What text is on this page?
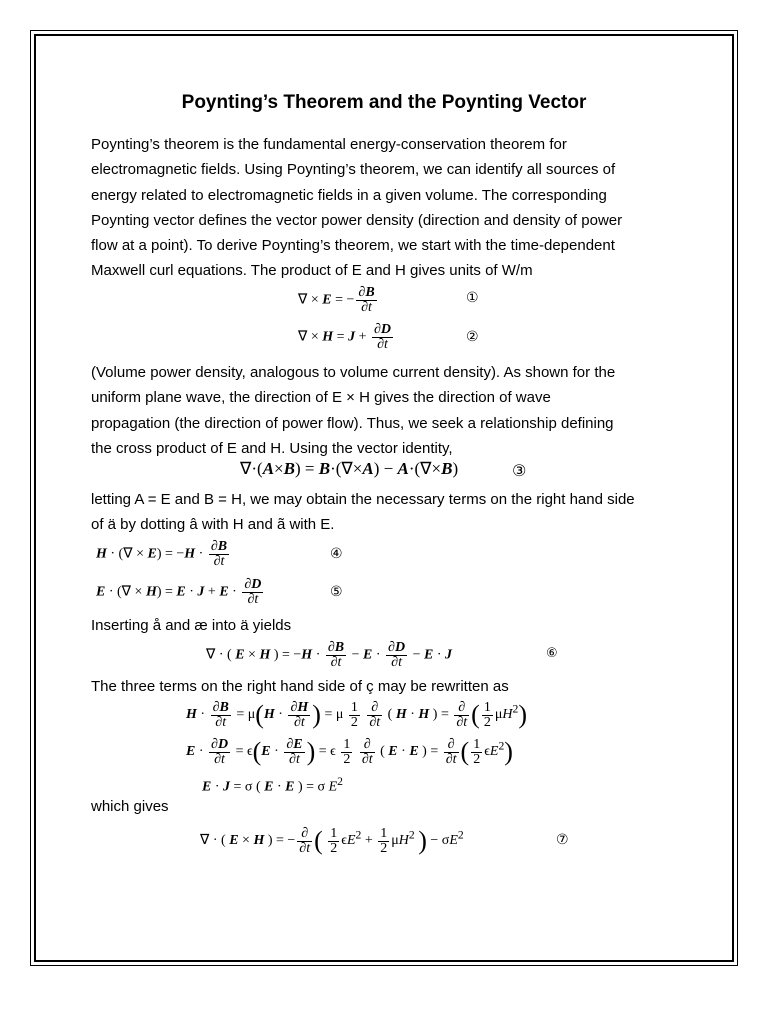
Poynting’s Theorem and the Poynting Vector
Poynting’s theorem is the fundamental energy-conservation theorem for
electromagnetic fields. Using Poynting’s theorem, we can identify all sources of
energy related to electromagnetic fields in a given volume. The corresponding
Poynting vector defines the vector power density (direction and density of power
flow at a point). To derive Poynting’s theorem, we start with the time-dependent
Maxwell curl equations. The product of E and H gives units of W/m
∇ × E = − $\frac{\partial B}{\partial t}$	①
∇ × $H = J + \frac{\partial D}{\partial t}$	②
(Volume power density, analogous to volume current density). As shown for the
uniform plane wave, the direction of E × H gives the direction of wave
propagation (the direction of power flow). Thus, we seek a relationship defining
the cross product of E and H. Using the vector identity,
∇·(A×B) = B·(∇×A) − A·(∇×B)	③
letting A = E and B = H, we may obtain the necessary terms on the right hand side
of ä by dotting â with H and ã with E.
H · (∇ × $E) = -H \cdot \frac{\partial B}{\partial t}$	④
E · (∇ × $H) = E \cdot J + E \cdot \frac{\partial D}{\partial t}$	⑤
Inserting å and æ into ä yields
∇ · ( E × H ) = $-H \cdot \frac{\partial B}{\partial t} - E \cdot \frac{\partial D}{\partial t} - E \cdot J$	⑥
The three terms on the right hand side of ç may be rewritten as
$H \cdot \frac{\partial B}{\partial t} = \mu(H \cdot \frac{\partial H}{\partial t}$ ) = μ $\frac{1}{2}$
$\frac{\partial}{\partial t}$ ( H · H ) = $\frac{\partial}{\partial t}$ ( $\frac{1}{2} \mu H^2$)
$E \cdot \frac{\partial D}{\partial t} = \epsilon(E \cdot \frac{\partial E}{\partial t}$ ) = ϵ $\frac{1}{2}$
$\frac{\partial}{\partial t}$ ( E · E ) = $\frac{\partial}{\partial t}$ ( $\frac{1}{2} \epsilon E^2$)
E · J = σ ( E · E ) = σ $E^2$
which gives
∇ · ( E × H ) = − $\frac{\partial}{\partial t}$ ( $\frac{1}{2} \epsilon E^2 + \frac{1}{2} \mu H^2$ ) − $\sigma E^2$	⑦
